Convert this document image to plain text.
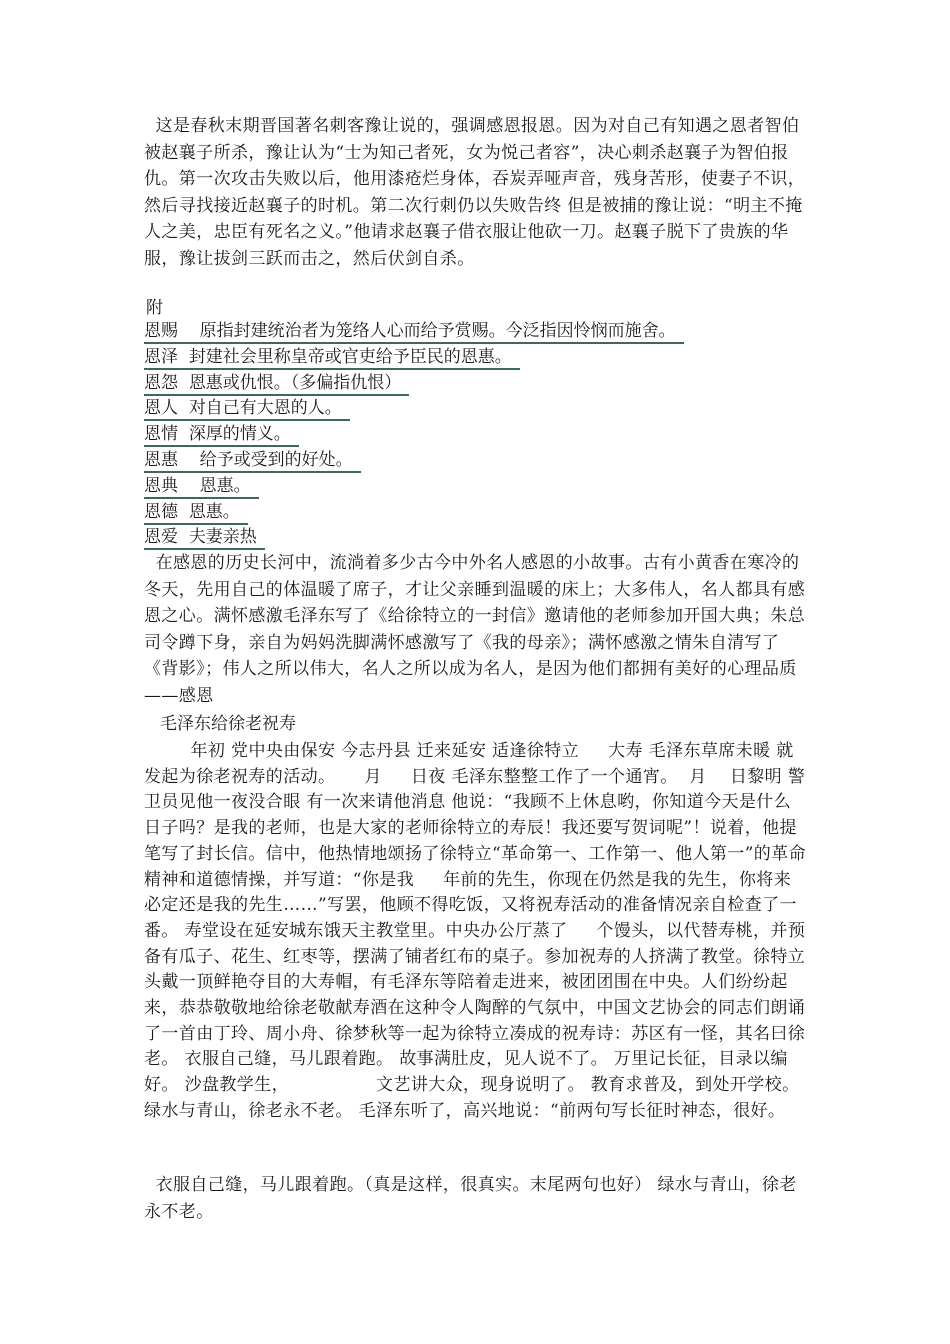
这是春秋末期晋国著名刺客豫让说的，强调感恩报恩。因为对自己有知遇之恩者智伯被赵襄子所杀，豫让认为“士为知己者死，女为悦己者容”，决心刺杀赵襄子为智伯报仇。第一次攻击失败以后，他用漆疮烂身体，吞炭弄哑声音，残身苦形，使妻子不识，然后寻找接近赵襄子的时机。第二次行刺仍以失败告终 但是被捕的豫让说：“明主不掩人之美，忠臣有死名之义。”他请求赵襄子借衣服让他砍一刀。赵襄子脱下了贵族的华服，豫让拔剑三跃而击之，然后伏剑自杀。

附

恩赐 原指封建统治者为笼络人心而给予赏赐。今泛指因怜悯而施舍。
恩泽 封建社会里称皇帝或官吏给予臣民的恩惠。
恩怨 恩惠或仇恨。（多偏指仇恨）
恩人 对自己有大恩的人。
恩情 深厚的情义。
恩惠 给予或受到的好处。
恩典 恩惠。
恩德 恩惠。
恩爱 夫妻亲热

在感恩的历史长河中，流淌着多少古今中外名人感恩的小故事。古有小黄香在寒冷的冬天，先用自己的体温暖了席子，才让父亲睡到温暖的床上；大多伟人，名人都具有感恩之心。满怀感激毛泽东写了《给徐特立的一封信》邀请他的老师参加开国大典；朱总司令蹲下身，亲自为妈妈洗脚满怀感激写了《我的母亲》；满怀感激之情朱自清写了《背影》；伟人之所以伟大，名人之所以成为名人，是因为他们都拥有美好的心理品质——感恩

毛泽东给徐老祝寿

年初 党中央由保安 今志丹县 迁来延安 适逢徐特立     大寿 毛泽东草席未暖 就发起为徐老祝寿的活动。     月     日夜 毛泽东整整工作了一个通宵。  月    日黎明 警卫员见他一夜没合眼 有一次来请他消息 他说：“我顾不上休息哟，你知道今天是什么日子吗？是我的老师，也是大家的老师徐特立的寿辰！我还要写贺词呢”！说着，他提笔写了封长信。信中，他热情地颂扬了徐特立“革命第一、工作第一、他人第一”的革命精神和道德情操，并写道：“你是我     年前的先生，你现在仍然是我的先生，你将来必定还是我的先生……”写罢，他顾不得吃饭，又将祝寿活动的准备情况亲自检查了一番。 寿堂设在延安城东饿天主教堂里。中央办公厅蒸了     个馒头，以代替寿桃，并预备有瓜子、花生、红枣等，摆满了铺者红布的桌子。参加祝寿的人挤满了教堂。徐特立头戴一顶鲜艳夺目的大寿帽，有毛泽东等陪着走进来，被团团围在中央。人们纷纷起来，恭恭敬敬地给徐老敬献寿酒在这种令人陶醉的气氛中，中国文艺协会的同志们朗诵了一首由丁玲、周小舟、徐梦秋等一起为徐特立凑成的祝寿诗：苏区有一怪，其名曰徐老。 衣服自己缝，马儿跟着跑。 故事满肚皮，见人说不了。 万里记长征，目录以编好。 沙盘教学生，               文艺讲大众，现身说明了。 教育求普及，到处开学校。 绿水与青山，徐老永不老。 毛泽东听了，高兴地说：“前两句写长征时神态，很好。

衣服自己缝，马儿跟着跑。（真是这样，很真实。末尾两句也好） 绿水与青山，徐老永不老。
